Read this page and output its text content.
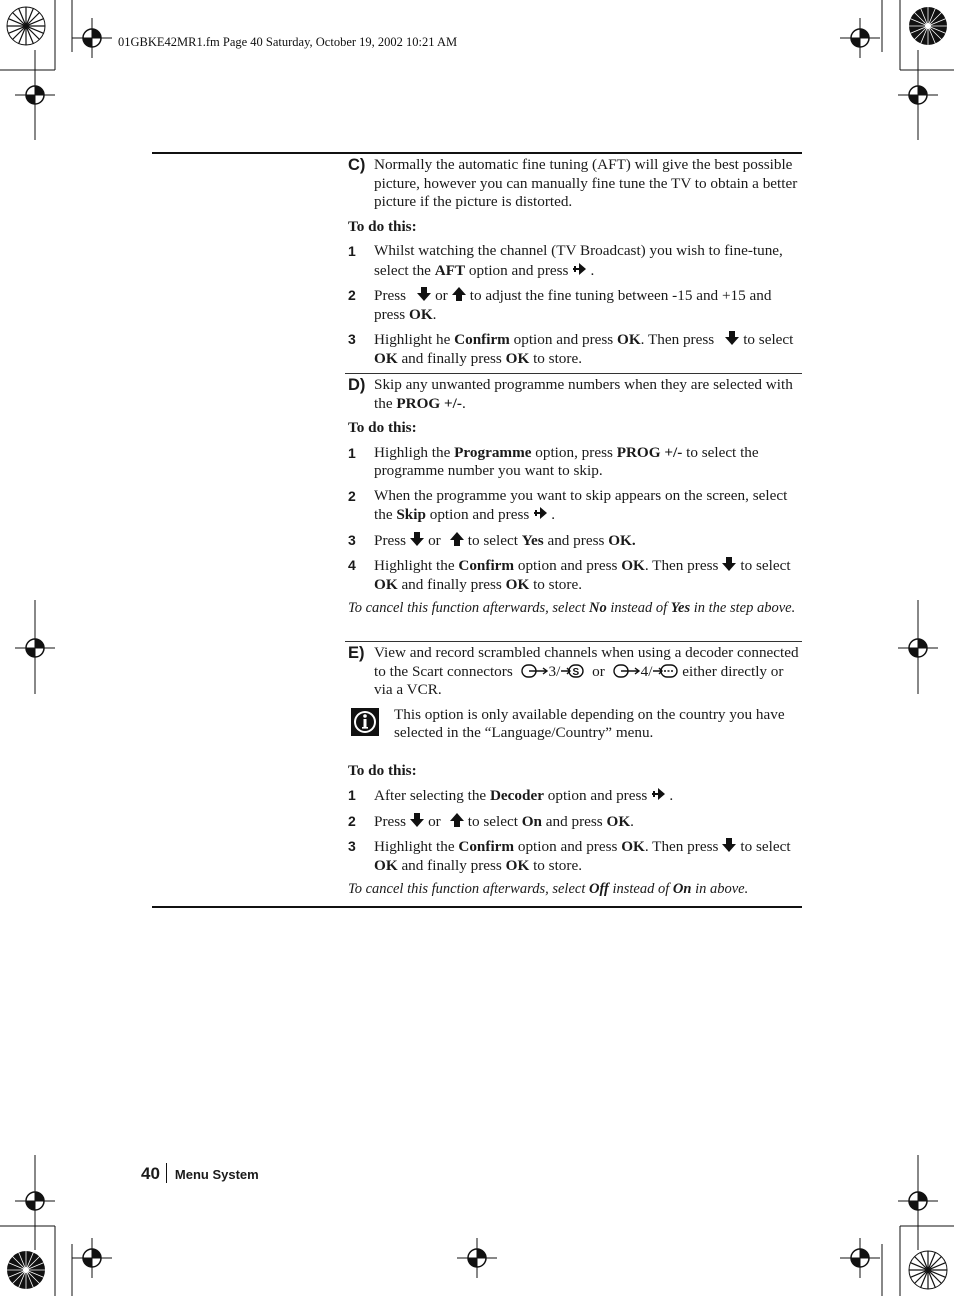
01GBKE42MR1.fm Page 40 Saturday, October 19, 2002 10:21 AM
C) Normally the automatic fine tuning (AFT) will give the best possible picture, however you can manually fine tune the TV to obtain a better picture if the picture is distorted.
To do this:
1 Whilst watching the channel (TV Broadcast) you wish to fine-tune, select the AFT option and press .
2 Press or to adjust the fine tuning between -15 and +15 and press OK.
3 Highlight he Confirm option and press OK. Then press to select OK and finally press OK to store.
D) Skip any unwanted programme numbers when they are selected with the PROG +/-.
To do this:
1 Highligh the Programme option, press PROG +/- to select the programme number you want to skip.
2 When the programme you want to skip appears on the screen, select the Skip option and press .
3 Press or to select Yes and press OK.
4 Highlight the Confirm option and press OK. Then press to select OK and finally press OK to store.
To cancel this function afterwards, select No instead of Yes in the step above.
E) View and record scrambled channels when using a decoder connected to the Scart connectors 3/ S or 4/ either directly or via a VCR.
This option is only available depending on the country you have selected in the “Language/Country” menu.
To do this:
1 After selecting the Decoder option and press .
2 Press or to select On and press OK.
3 Highlight the Confirm option and press OK. Then press to select OK and finally press OK to store.
To cancel this function afterwards, select Off instead of On in above.
40 Menu System
